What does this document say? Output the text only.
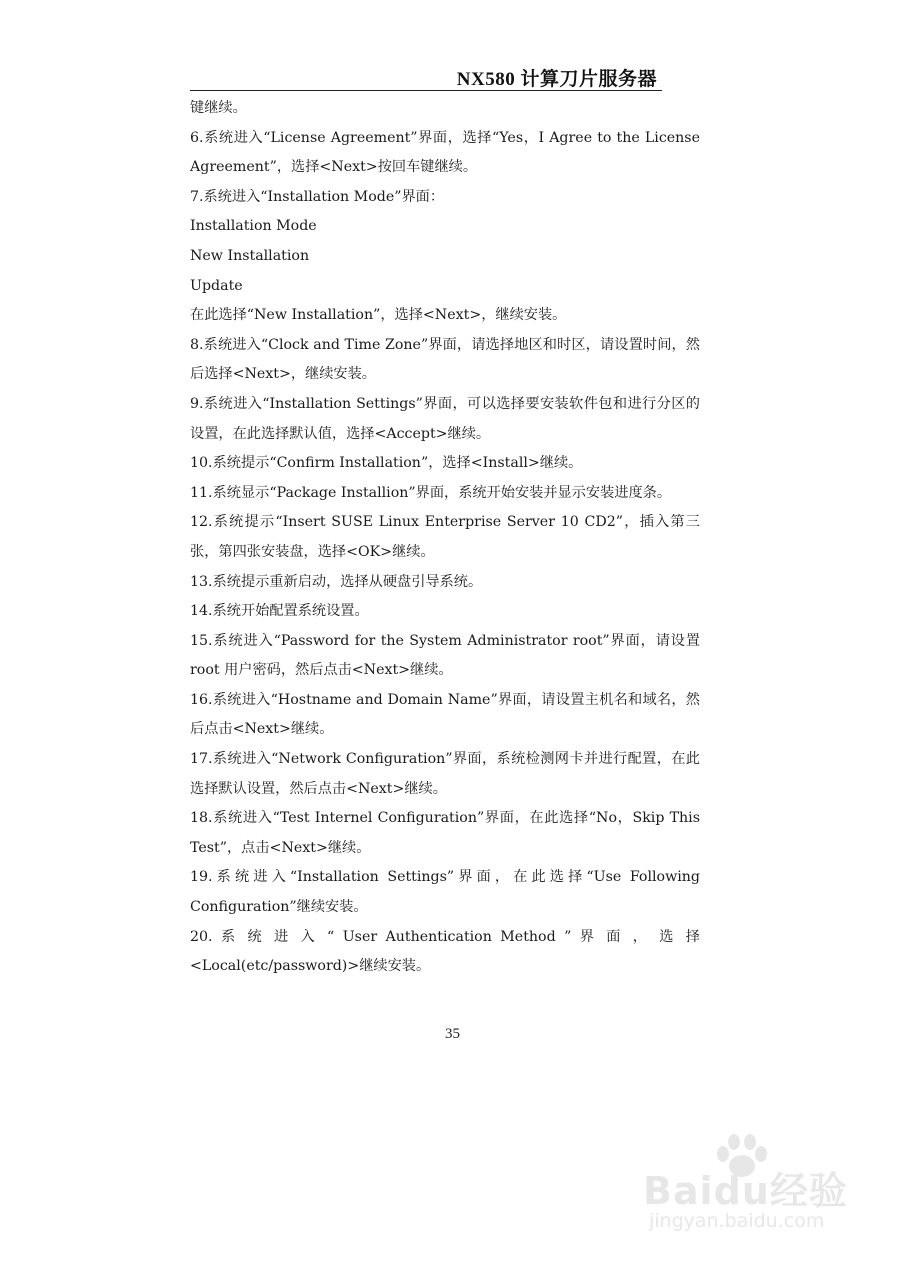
NX580 计算刀片服务器

键继续。

6.系统进入“License Agreement”界面，选择“Yes，I Agree to the License Agreement”，选择<Next>按回车键继续。

7.系统进入“Installation Mode”界面：

Installation Mode

New Installation

Update

在此选择“New Installation”，选择<Next>，继续安装。

8.系统进入“Clock and Time Zone”界面，请选择地区和时区，请设置时间，然后选择<Next>，继续安装。

9.系统进入“Installation Settings”界面，可以选择要安装软件包和进行分区的设置，在此选择默认值，选择<Accept>继续。

10.系统提示“Confirm Installation”，选择<Install>继续。

11.系统显示“Package Installion”界面，系统开始安装并显示安装进度条。

12.系统提示“Insert SUSE Linux Enterprise Server 10 CD2”，插入第三张，第四张安装盘，选择<OK>继续。

13.系统提示重新启动，选择从硬盘引导系统。

14.系统开始配置系统设置。

15.系统进入“Password for the System Administrator root”界面，请设置 root 用户密码，然后点击<Next>继续。

16.系统进入“Hostname and Domain Name”界面，请设置主机名和域名，然后点击<Next>继续。

17.系统进入“Network Configuration”界面，系统检测网卡并进行配置，在此选择默认设置，然后点击<Next>继续。

18.系统进入“Test Internel Configuration”界面，在此选择“No，Skip This Test”，点击<Next>继续。

19.系统进入“Installation Settings”界面，在此选择“Use Following Configuration”继续安装。

20. 系 统 进 入 “ User Authentication Method ” 界 面 ， 选 择 <Local(etc/password)>继续安装。

35
Baidu经验
jingyan.baidu.com
